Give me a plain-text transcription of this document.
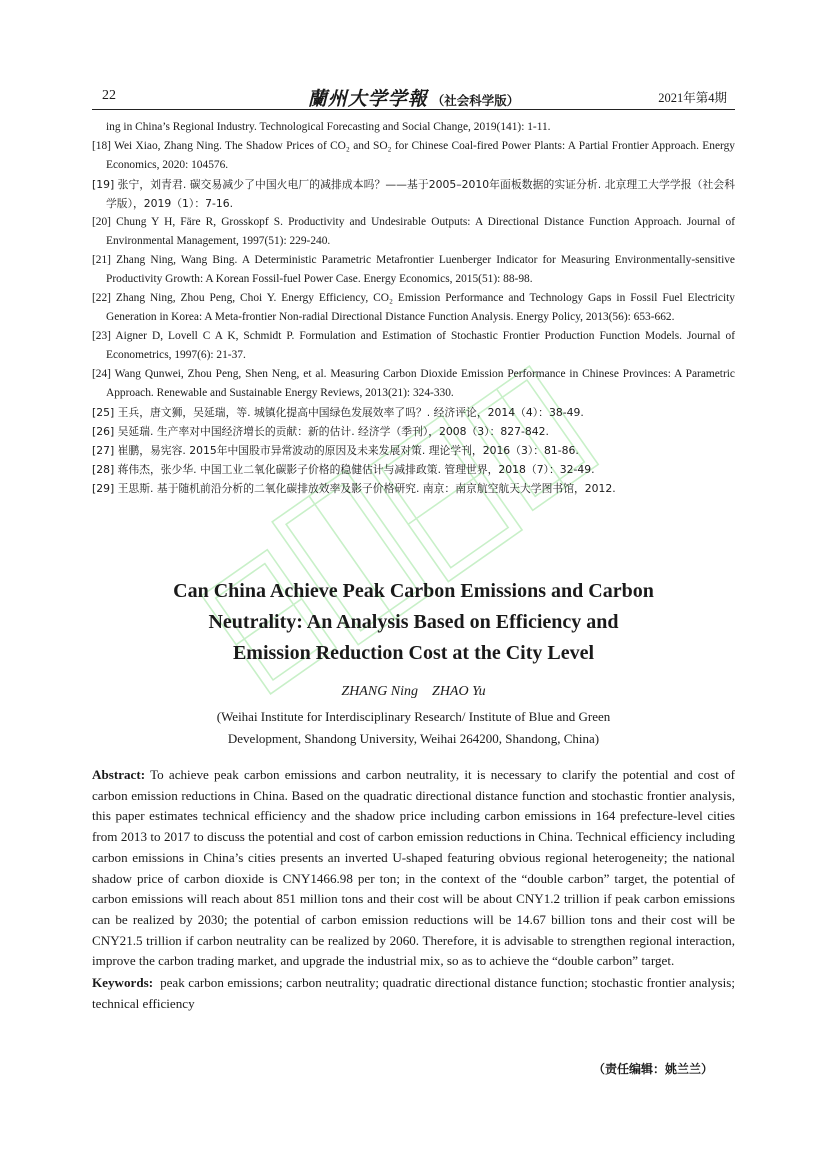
22	蘭州大学学報 （社会科学版）	2021年第4期

ing in China’s Regional Industry. Technological Forecasting and Social Change, 2019(141): 1-11.

[18] Wei Xiao, Zhang Ning. The Shadow Prices of CO₂ and SO₂ for Chinese Coal-fired Power Plants: A Partial Frontier Approach. Energy Economics, 2020: 104576.

[19] 张宁，刘青君. 碳交易减少了中国火电厂的减排成本吗？——基于2005–2010年面板数据的实证分析. 北京理工大学学报（社会科学版），2019（1）：7-16.

[20] Chung Y H, Färe R, Grosskopf S. Productivity and Undesirable Outputs: A Directional Distance Function Approach. Journal of Environmental Management, 1997(51): 229-240.

[21] Zhang Ning, Wang Bing. A Deterministic Parametric Metafrontier Luenberger Indicator for Measuring Environmentally-sensitive Productivity Growth: A Korean Fossil-fuel Power Case. Energy Economics, 2015(51): 88-98.

[22] Zhang Ning, Zhou Peng, Choi Y. Energy Efficiency, CO₂ Emission Performance and Technology Gaps in Fossil Fuel Electricity Generation in Korea: A Meta-frontier Non-radial Directional Distance Function Analysis. Energy Policy, 2013(56): 653-662.

[23] Aigner D, Lovell C A K, Schmidt P. Formulation and Estimation of Stochastic Frontier Production Function Models. Journal of Econometrics, 1997(6): 21-37.

[24] Wang Qunwei, Zhou Peng, Shen Neng, et al. Measuring Carbon Dioxide Emission Performance in Chinese Provinces: A Parametric Approach. Renewable and Sustainable Energy Reviews, 2013(21): 324-330.

[25] 王兵，唐文狮，吴延瑞，等. 城镇化提高中国绿色发展效率了吗？. 经济评论，2014（4）：38-49.

[26] 吴延瑞. 生产率对中国经济增长的贡献：新的估计. 经济学（季刊），2008（3）：827-842.

[27] 崔鹏，易宪容. 2015年中国股市异常波动的原因及未来发展对策. 理论学刊，2016（3）：81-86.

[28] 蒋伟杰，张少华. 中国工业二氧化碳影子价格的稳健估计与减排政策. 管理世界，2018（7）：32-49.

[29] 王思斯. 基于随机前沿分析的二氧化碳排放效率及影子价格研究. 南京：南京航空航天大学图书馆，2012.

Can China Achieve Peak Carbon Emissions and Carbon
Neutrality: An Analysis Based on Efficiency and
Emission Reduction Cost at the City Level
ZHANG Ning    ZHAO Yu
(Weihai Institute for Interdisciplinary Research/ Institute of Blue and Green
Development, Shandong University, Weihai 264200, Shandong, China)
Abstract: To achieve peak carbon emissions and carbon neutrality, it is necessary to clarify the potential and cost of carbon emission reductions in China. Based on the quadratic directional distance function and stochastic frontier analysis, this paper estimates technical efficiency and the shadow price including carbon emissions in 164 prefecture-level cities from 2013 to 2017 to discuss the potential and cost of carbon emission reductions in China. Technical efficiency including carbon emissions in China’s cities presents an inverted U-shaped featuring obvious regional heterogeneity; the national shadow price of carbon dioxide is CNY1466.98 per ton; in the context of the “double carbon” target, the potential of carbon emissions will reach about 851 million tons and their cost will be about CNY1.2 trillion if peak carbon emissions can be realized by 2030; the potential of carbon emission reductions will be 14.67 billion tons and their cost will be CNY21.5 trillion if carbon neutrality can be realized by 2060. Therefore, it is advisable to strengthen regional interaction, improve the carbon trading market, and upgrade the industrial mix, so as to achieve the “double carbon” target.
Keywords: peak carbon emissions; carbon neutrality; quadratic directional distance function; stochastic frontier analysis; technical efficiency
（责任编辑：姚兰兰）
